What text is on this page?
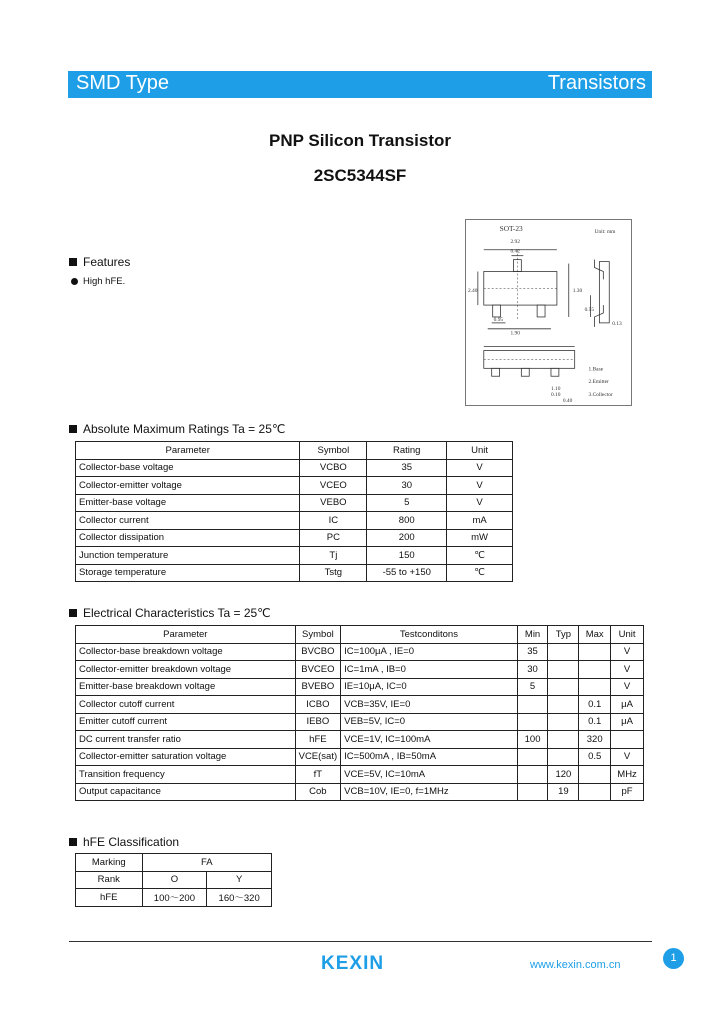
SMD Type	Transistors
PNP Silicon Transistor
2SC5344SF
Features
High hFE.
SOT-23	Unit: mm
2.92
0.42
2.40	1.30
0.95
1.90
0.55
0.13
1.10
0.10
0.40
1.Base
2.Emitter
3.Collector
Absolute Maximum Ratings Ta = 25℃
Parameter	Symbol	Rating	Unit
Collector-base voltage	VCBO	35	V
Collector-emitter voltage	VCEO	30	V
Emitter-base voltage	VEBO	5	V
Collector current	IC	800	mA
Collector dissipation	PC	200	mW
Junction temperature	Tj	150	℃
Storage temperature	Tstg	-55 to +150	℃
Electrical Characteristics Ta = 25℃
Parameter	Symbol	Testconditons	Min	Typ	Max	Unit
Collector-base breakdown voltage	BVCBO	IC=100μA , IE=0	35			V
Collector-emitter breakdown voltage	BVCEO	IC=1mA , IB=0	30			V
Emitter-base breakdown voltage	BVEBO	IE=10μA, IC=0	5			V
Collector cutoff current	ICBO	VCB=35V, IE=0			0.1	μA
Emitter cutoff current	IEBO	VEB=5V, IC=0			0.1	μA
DC current transfer ratio	hFE	VCE=1V, IC=100mA	100		320	
Collector-emitter saturation voltage	VCE(sat)	IC=500mA , IB=50mA			0.5	V
Transition frequency	fT	VCE=5V, IC=10mA		120		MHz
Output capacitance	Cob	VCB=10V, IE=0, f=1MHz		19		pF
hFE Classification
Marking	FA	
Rank	O	Y
hFE	100～200	160～320
KEXIN	www.kexin.com.cn
1
